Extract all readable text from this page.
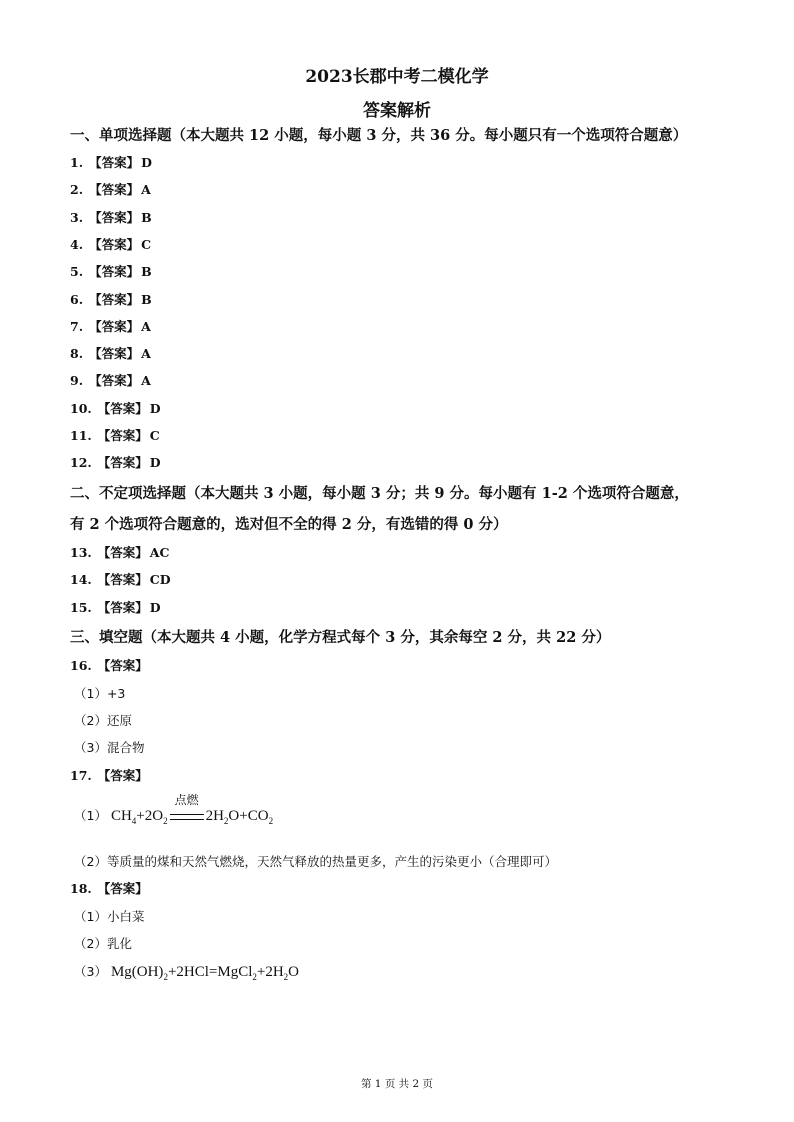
2023长郡中考二模化学
答案解析
一、单项选择题（本大题共 12 小题，每小题 3 分，共 36 分。每小题只有一个选项符合题意）
1. 【答案】 D
2. 【答案】 A
3. 【答案】 B
4. 【答案】 C
5. 【答案】 B
6. 【答案】 B
7. 【答案】 A
8. 【答案】 A
9. 【答案】 A
10. 【答案】 D
11. 【答案】 C
12. 【答案】 D
二、不定项选择题（本大题共 3 小题，每小题 3 分；共 9 分。每小题有 1-2 个选项符合题意，
有 2 个选项符合题意的，选对但不全的得 2 分，有选错的得 0 分）
13. 【答案】 AC
14. 【答案】 CD
15. 【答案】 D
三、填空题（本大题共 4 小题，化学方程式每个 3 分，其余每空 2 分，共 22 分）
16. 【答案】
（1）+3
（2）还原
（3）混合物
17. 【答案】
（1） $CH_4+2O_2$
点燃
$2H_2O+CO_2$
（2）等质量的煤和天然气燃烧，天然气释放的热量更多，产生的污染更小（合理即可）
18. 【答案】
（1）小白菜
（2）乳化
（3） $Mg(OH)_2+2HCl=MgCl_2+2H_2O$
第 1 页 共 2 页
